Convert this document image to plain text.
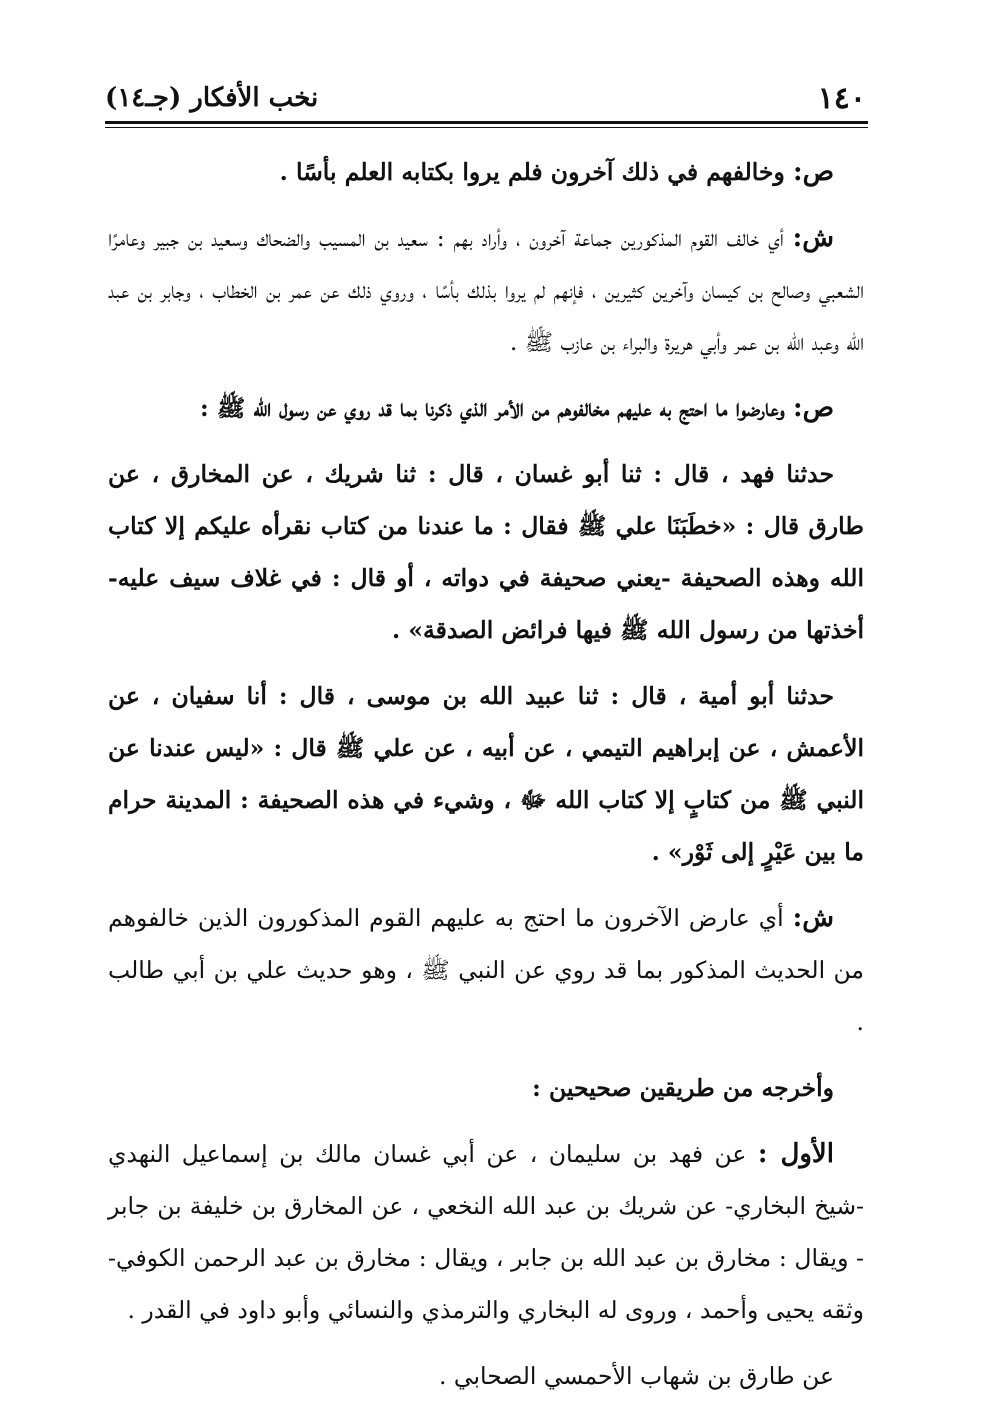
١٤٠
نخب الأفكار (جـ١٤)

ص: وخالفهم في ذلك آخرون فلم يروا بكتابه العلم بأسًا .

ش: أي خالف القوم المذكورين جماعة آخرون ، وأراد بهم : سعيد بن المسيب والضحاك وسعيد بن جبير وعامرًا الشعبي وصالح بن كيسان وآخرين كثيرين ، فإنهم لم يروا بذلك بأسًا ، وروي ذلك عن عمر بن الخطاب ، وجابر بن عبد الله وعبد الله بن عمر وأبي هريرة والبراء بن عازب ﷺ .

ص: وعارضوا ما احتج به عليهم مخالفوهم من الأمر الذي ذكرنا بما قد روي عن رسول الله ﷺ :

حدثنا فهد ، قال : ثنا أبو غسان ، قال : ثنا شريك ، عن المخارق ، عن طارق قال : «خطَبَنَا علي ﷺ فقال : ما عندنا من كتاب نقرأه عليكم إلا كتاب الله وهذه الصحيفة -يعني صحيفة في دواته ، أو قال : في غلاف سيف عليه- أخذتها من رسول الله ﷺ فيها فرائض الصدقة» .

حدثنا أبو أمية ، قال : ثنا عبيد الله بن موسى ، قال : أنا سفيان ، عن الأعمش ، عن إبراهيم التيمي ، عن أبيه ، عن علي ﷺ قال : «ليس عندنا عن النبي ﷺ من كتابٍ إلا كتاب الله ﷻ ، وشيء في هذه الصحيفة : المدينة حرام ما بين عَيْرٍ إلى ثَوْر» .

ش: أي عارض الآخرون ما احتج به عليهم القوم المذكورون الذين خالفوهم من الحديث المذكور بما قد روي عن النبي ﷺ ، وهو حديث علي بن أبي طالب .

وأخرجه من طريقين صحيحين :

الأول : عن فهد بن سليمان ، عن أبي غسان مالك بن إسماعيل النهدي -شيخ البخاري- عن شريك بن عبد الله النخعي ، عن المخارق بن خليفة بن جابر - ويقال : مخارق بن عبد الله بن جابر ، ويقال : مخارق بن عبد الرحمن الكوفي- وثقه يحيى وأحمد ، وروى له البخاري والترمذي والنسائي وأبو داود في القدر .

عن طارق بن شهاب الأحمسي الصحابي .
